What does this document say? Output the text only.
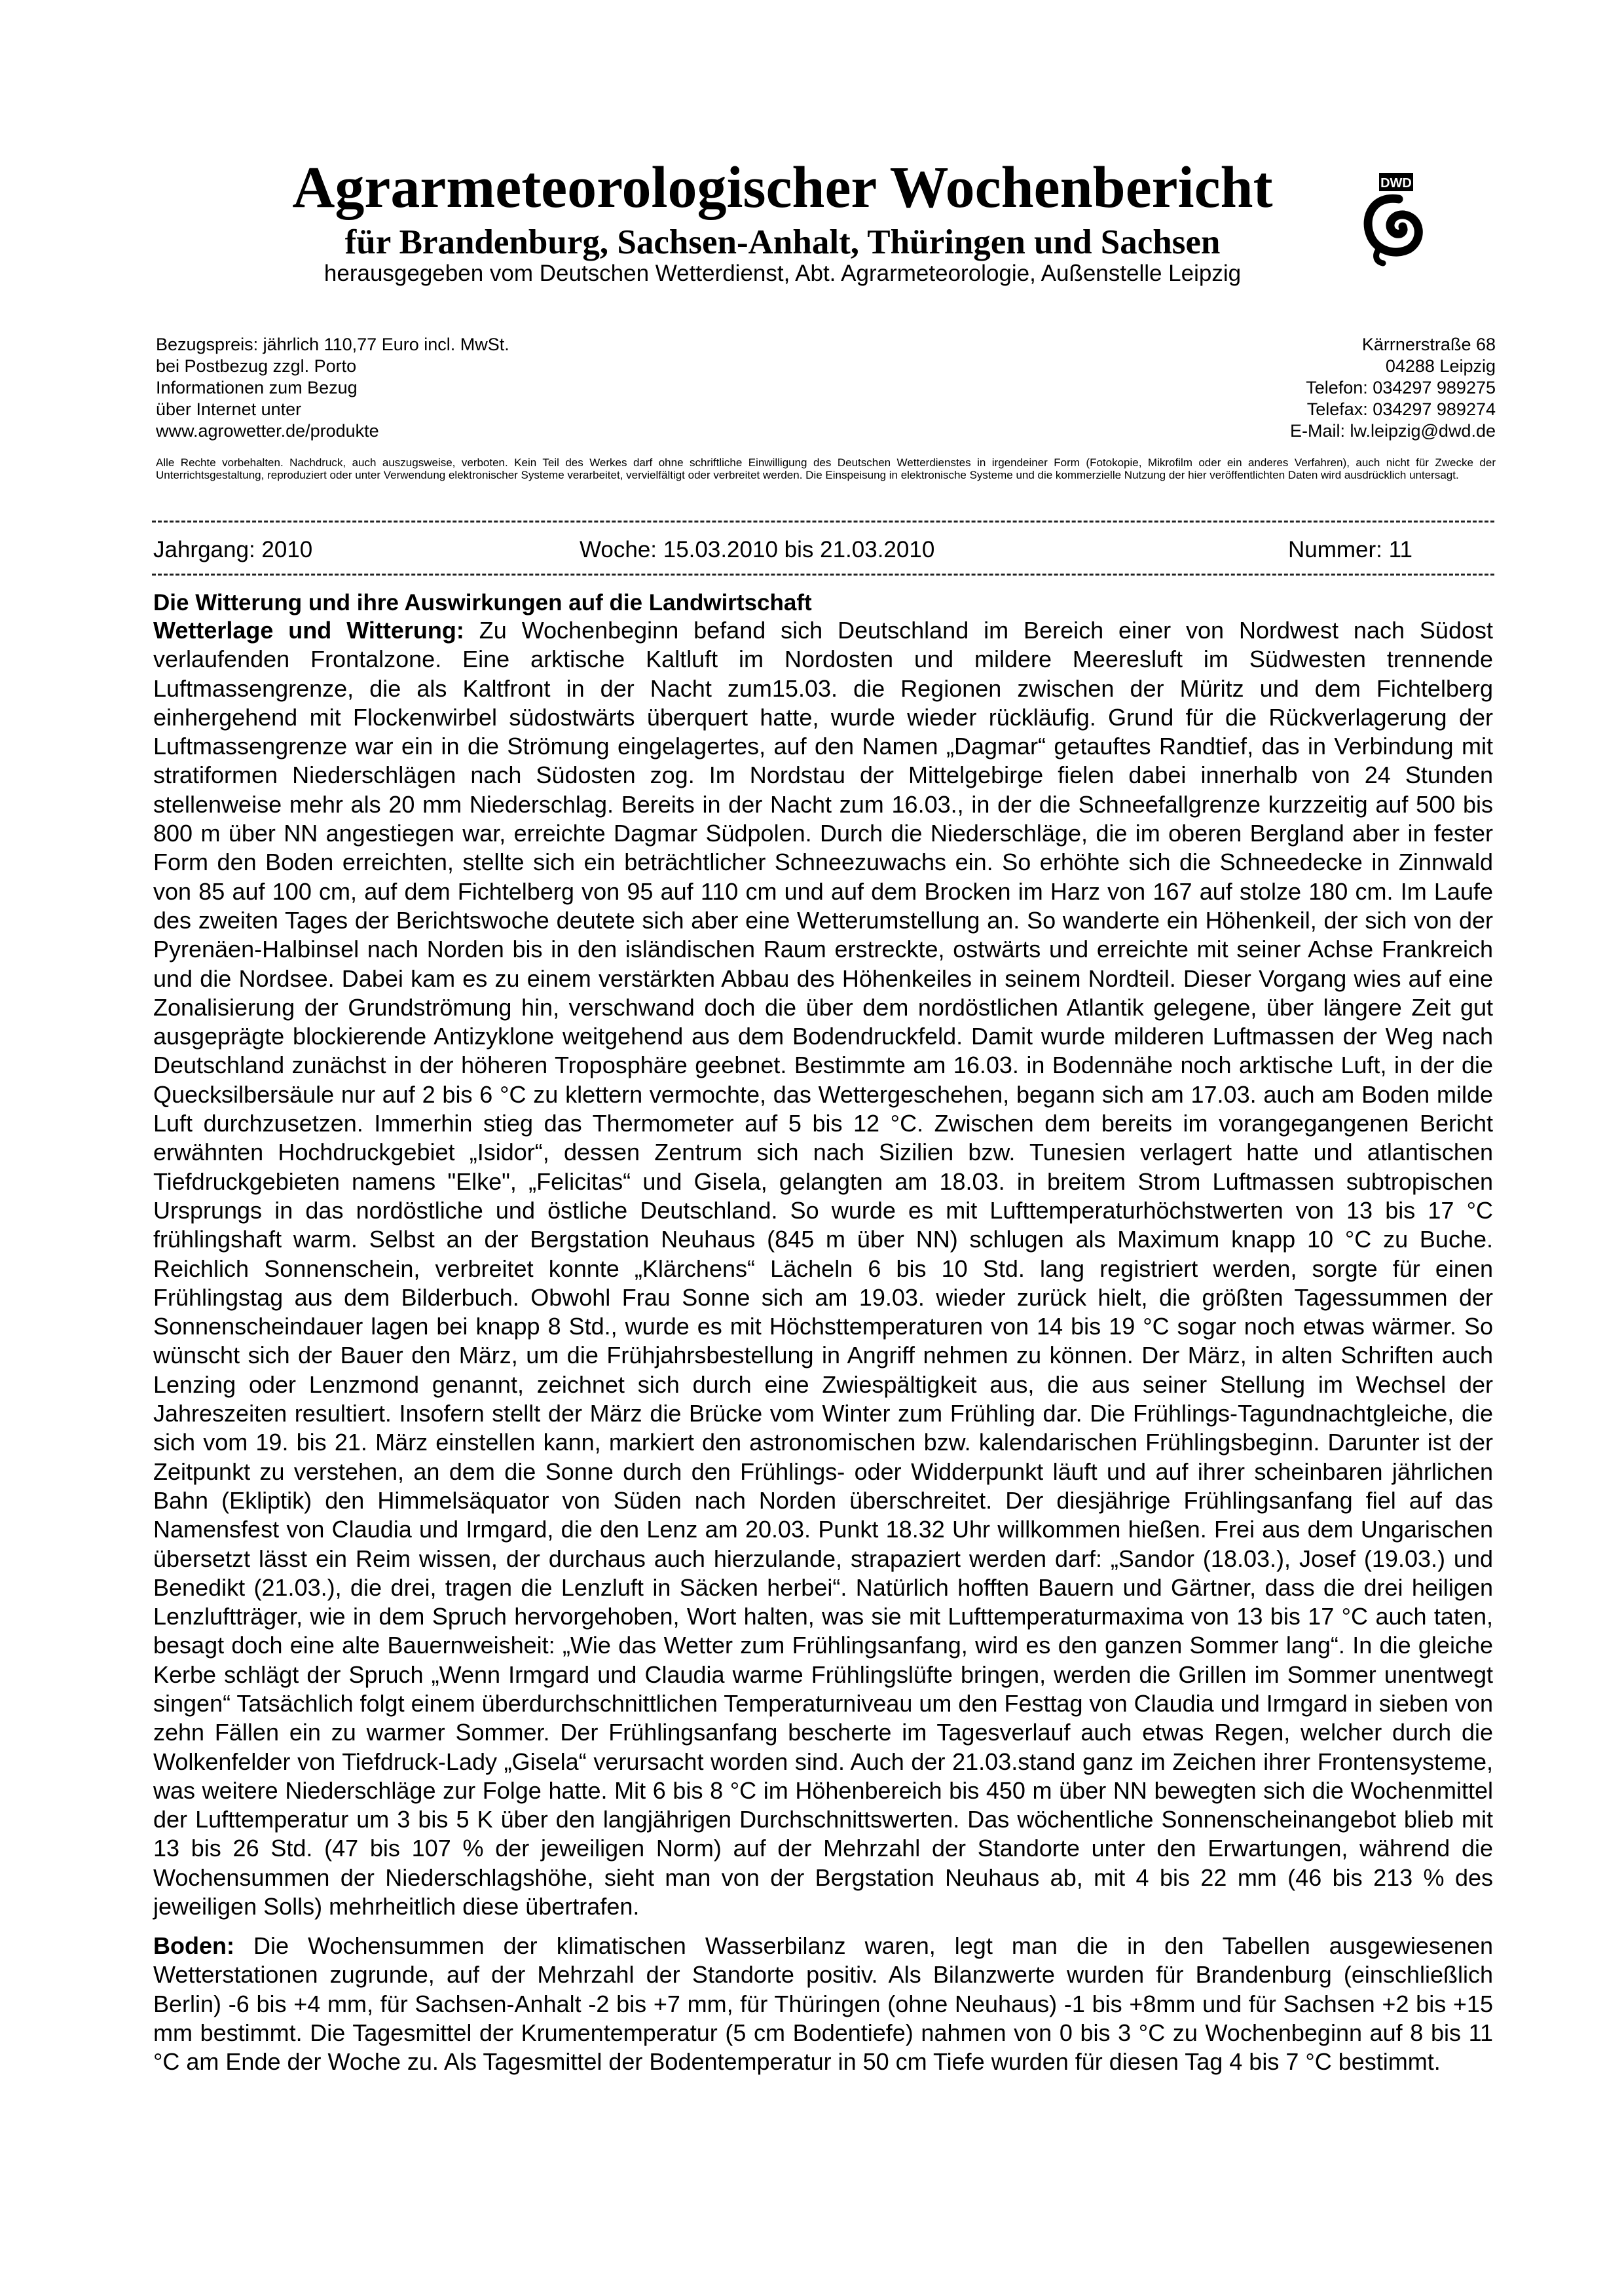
Agrarmeteorologischer Wochenbericht
für Brandenburg, Sachsen-Anhalt, Thüringen und Sachsen
herausgegeben vom Deutschen Wetterdienst, Abt. Agrarmeteorologie, Außenstelle Leipzig
DWD
Bezugspreis: jährlich 110,77 Euro incl. MwSt.
bei Postbezug zzgl. Porto
Informationen zum Bezug
über Internet unter
www.agrowetter.de/produkte
Kärrnerstraße 68
04288 Leipzig
Telefon: 034297 989275
Telefax: 034297 989274
E-Mail: lw.leipzig@dwd.de
Alle Rechte vorbehalten. Nachdruck, auch auszugsweise, verboten. Kein Teil des Werkes darf ohne schriftliche Einwilligung des Deutschen Wetterdienstes in irgendeiner Form (Fotokopie, Mikrofilm oder ein anderes Verfahren), auch nicht für Zwecke der Unterrichtsgestaltung, reproduziert oder unter Verwendung elektronischer Systeme verarbeitet, vervielfältigt oder verbreitet werden. Die Einspeisung in elektronische Systeme und die kommerzielle Nutzung der hier veröffentlichten Daten wird ausdrücklich untersagt.
Jahrgang: 2010	Woche: 15.03.2010 bis 21.03.2010	Nummer: 11
Die Witterung und ihre Auswirkungen auf die Landwirtschaft

Wetterlage und Witterung: Zu Wochenbeginn befand sich Deutschland im Bereich einer von Nordwest nach Südost verlaufenden Frontalzone. Eine arktische Kaltluft im Nordosten und mildere Meeresluft im Südwesten trennende Luftmassengrenze, die als Kaltfront in der Nacht zum15.03. die Regionen zwischen der Müritz und dem Fichtelberg einhergehend mit Flockenwirbel südostwärts überquert hatte, wurde wieder rückläufig. Grund für die Rückverlagerung der Luftmassengrenze war ein in die Strömung eingelagertes, auf den Namen „Dagmar“ getauftes Randtief, das in Verbindung mit stratiformen Niederschlägen nach Südosten zog. Im Nordstau der Mittelgebirge fielen dabei innerhalb von 24 Stunden stellenweise mehr als 20 mm Niederschlag. Bereits in der Nacht zum 16.03., in der die Schneefallgrenze kurzzeitig auf 500 bis 800 m über NN angestiegen war, erreichte Dagmar Südpolen. Durch die Niederschläge, die im oberen Bergland aber in fester Form den Boden erreichten, stellte sich ein beträchtlicher Schneezuwachs ein. So erhöhte sich die Schneedecke in Zinnwald von 85 auf 100 cm, auf dem Fichtelberg von 95 auf 110 cm und auf dem Brocken im Harz von 167 auf stolze 180 cm. Im Laufe des zweiten Tages der Berichtswoche deutete sich aber eine Wetterumstellung an. So wanderte ein Höhenkeil, der sich von der Pyrenäen-Halbinsel nach Norden bis in den isländischen Raum erstreckte, ostwärts und erreichte mit seiner Achse Frankreich und die Nordsee. Dabei kam es zu einem verstärkten Abbau des Höhenkeiles in seinem Nordteil. Dieser Vorgang wies auf eine Zonalisierung der Grundströmung hin, verschwand doch die über dem nordöstlichen Atlantik gelegene, über längere Zeit gut ausgeprägte blockierende Antizyklone weitgehend aus dem Bodendruckfeld. Damit wurde milderen Luftmassen der Weg nach Deutschland zunächst in der höheren Troposphäre geebnet. Bestimmte am 16.03. in Bodennähe noch arktische Luft, in der die Quecksilbersäule nur auf 2 bis 6 °C zu klettern vermochte, das Wettergeschehen, begann sich am 17.03. auch am Boden milde Luft durchzusetzen. Immerhin stieg das Thermometer auf 5 bis 12 °C. Zwischen dem bereits im vorangegangenen Bericht erwähnten Hochdruckgebiet „Isidor“, dessen Zentrum sich nach Sizilien bzw. Tunesien verlagert hatte und atlantischen Tiefdruckgebieten namens "Elke", „Felicitas“ und Gisela, gelangten am 18.03. in breitem Strom Luftmassen subtropischen Ursprungs in das nordöstliche und östliche Deutschland. So wurde es mit Lufttemperaturhöchstwerten von 13 bis 17 °C frühlingshaft warm. Selbst an der Bergstation Neuhaus (845 m über NN) schlugen als Maximum knapp 10 °C zu Buche. Reichlich Sonnenschein, verbreitet konnte „Klärchens“ Lächeln 6 bis 10 Std. lang registriert werden, sorgte für einen Frühlingstag aus dem Bilderbuch. Obwohl Frau Sonne sich am 19.03. wieder zurück hielt, die größten Tagessummen der Sonnenscheindauer lagen bei knapp 8 Std., wurde es mit Höchsttemperaturen von 14 bis 19 °C sogar noch etwas wärmer. So wünscht sich der Bauer den März, um die Frühjahrsbestellung in Angriff nehmen zu können. Der März, in alten Schriften auch Lenzing oder Lenzmond genannt, zeichnet sich durch eine Zwiespältigkeit aus, die aus seiner Stellung im Wechsel der Jahreszeiten resultiert. Insofern stellt der März die Brücke vom Winter zum Frühling dar. Die Frühlings-Tagundnachtgleiche, die sich vom 19. bis 21. März einstellen kann, markiert den astronomischen bzw. kalendarischen Frühlingsbeginn. Darunter ist der Zeitpunkt zu verstehen, an dem die Sonne durch den Frühlings- oder Widderpunkt läuft und auf ihrer scheinbaren jährlichen Bahn (Ekliptik) den Himmelsäquator von Süden nach Norden überschreitet. Der diesjährige Frühlingsanfang fiel auf das Namensfest von Claudia und Irmgard, die den Lenz am 20.03. Punkt 18.32 Uhr willkommen hießen. Frei aus dem Ungarischen übersetzt lässt ein Reim wissen, der durchaus auch hierzulande, strapaziert werden darf: „Sandor (18.03.), Josef (19.03.) und Benedikt (21.03.), die drei, tragen die Lenzluft in Säcken herbei“. Natürlich hofften Bauern und Gärtner, dass die drei heiligen Lenzluftträger, wie in dem Spruch hervorgehoben, Wort halten, was sie mit Lufttemperaturmaxima von 13 bis 17 °C auch taten, besagt doch eine alte Bauernweisheit: „Wie das Wetter zum Frühlingsanfang, wird es den ganzen Sommer lang“. In die gleiche Kerbe schlägt der Spruch „Wenn Irmgard und Claudia warme Frühlingslüfte bringen, werden die Grillen im Sommer unentwegt singen“ Tatsächlich folgt einem überdurchschnittlichen Temperaturniveau um den Festtag von Claudia und Irmgard in sieben von zehn Fällen ein zu warmer Sommer. Der Frühlingsanfang bescherte im Tagesverlauf auch etwas Regen, welcher durch die Wolkenfelder von Tiefdruck-Lady „Gisela“ verursacht worden sind. Auch der 21.03.stand ganz im Zeichen ihrer Frontensysteme, was weitere Niederschläge zur Folge hatte. Mit 6 bis 8 °C im Höhenbereich bis 450 m über NN bewegten sich die Wochenmittel der Lufttemperatur um 3 bis 5 K über den langjährigen Durchschnittswerten. Das wöchentliche Sonnenscheinangebot blieb mit 13 bis 26 Std. (47 bis 107 % der jeweiligen Norm) auf der Mehrzahl der Standorte unter den Erwartungen, während die Wochensummen der Niederschlagshöhe, sieht man von der Bergstation Neuhaus ab, mit 4 bis 22 mm (46 bis 213 % des jeweiligen Solls) mehrheitlich diese übertrafen.

Boden: Die Wochensummen der klimatischen Wasserbilanz waren, legt man die in den Tabellen ausgewiesenen Wetterstationen zugrunde, auf der Mehrzahl der Standorte positiv. Als Bilanzwerte wurden für Brandenburg (einschließlich Berlin) -6 bis +4 mm, für Sachsen-Anhalt -2 bis +7 mm, für Thüringen (ohne Neuhaus) -1 bis +8mm und für Sachsen +2 bis +15 mm bestimmt. Die Tagesmittel der Krumentemperatur (5 cm Bodentiefe) nahmen von 0 bis 3 °C zu Wochenbeginn auf 8 bis 11 °C am Ende der Woche zu. Als Tagesmittel der Bodentemperatur in 50 cm Tiefe wurden für diesen Tag 4 bis 7 °C bestimmt.
